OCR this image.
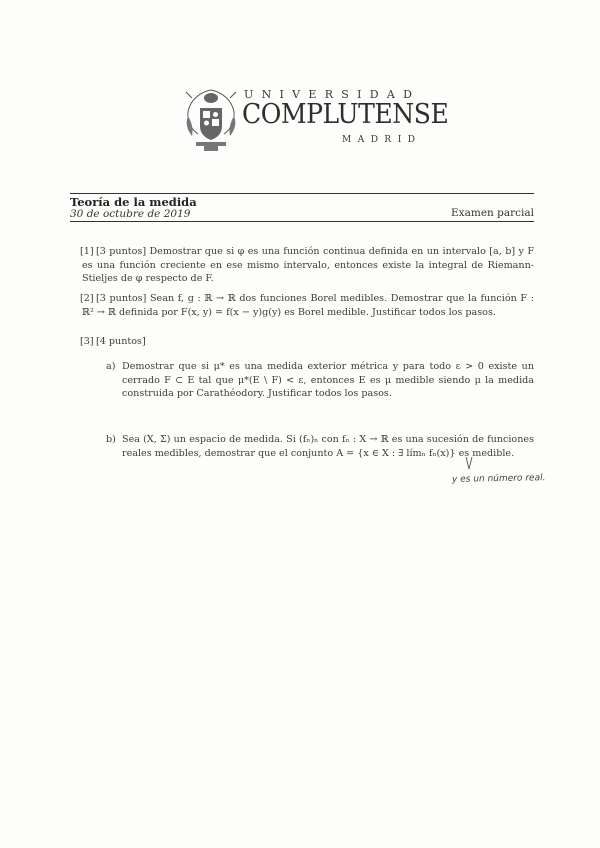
UNIVERSIDAD
COMPLUTENSE
MADRID
Teoría de la medida
30 de octubre de 2019	Examen parcial
[1] [3 puntos] Demostrar que si φ es una función continua definida en un intervalo [a, b] y F es una función creciente en ese mismo intervalo, entonces existe la integral de Riemann-Stieljes de φ respecto de F.
[2] [3 puntos] Sean f, g : ℝ → ℝ dos funciones Borel medibles. Demostrar que la función F : ℝ² → ℝ definida por F(x, y) = f(x − y)g(y) es Borel medible. Justificar todos los pasos.
[3] [4 puntos]
a) Demostrar que si μ* es una medida exterior métrica y para todo ε > 0 existe un cerrado F ⊂ E tal que μ*(E \ F) < ε, entonces E es μ medible siendo μ la medida construida por Carathéodory. Justificar todos los pasos.
b) Sea (X, Σ) un espacio de medida. Si (fₙ)ₙ con fₙ : X → ℝ es una sucesión de funciones reales medibles, demostrar que el conjunto A = {x ∈ X : ∃ límₙ fₙ(x)} es medible.
y es un número real.
